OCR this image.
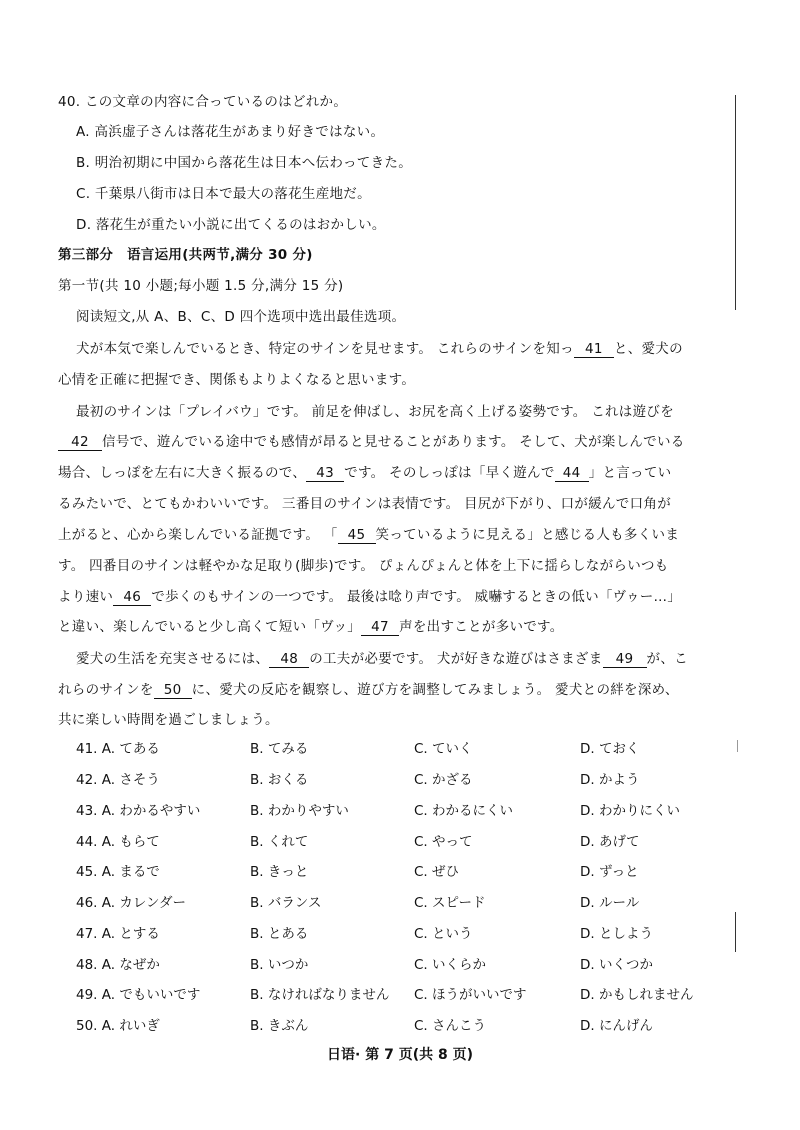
40. この文章の内容に合っているのはどれか。
A. 高浜虚子さんは落花生があまり好きではない。
B. 明治初期に中国から落花生は日本へ伝わってきた。
C. 千葉県八街市は日本で最大の落花生産地だ。
D. 落花生が重たい小説に出てくるのはおかしい。
第三部分　语言运用(共两节,满分 30 分)
第一节(共 10 小题;每小题 1.5 分,满分 15 分)
阅读短文,从 A、B、C、D 四个选项中选出最佳选项。
犬が本気で楽しんでいるとき、特定のサインを見せます。 これらのサインを知っ 41 と、愛犬の
心情を正確に把握でき、関係もよりよくなると思います。
最初のサインは「プレイバウ」です。 前足を伸ばし、お尻を高く上げる姿勢です。 これは遊びを
42 信号で、遊んでいる途中でも感情が昂ると見せることがあります。 そして、犬が楽しんでいる
場合、しっぽを左右に大きく振るので、 43 です。 そのしっぽは「早く遊んで 44 」と言ってい
るみたいで、とてもかわいいです。 三番目のサインは表情です。 目尻が下がり、口が緩んで口角が
上がると、心から楽しんでいる証拠です。 「 45 笑っているように見える」と感じる人も多くいま
す。 四番目のサインは軽やかな足取り(脚歩)です。 ぴょんぴょんと体を上下に揺らしながらいつも
より速い 46 で歩くのもサインの一つです。 最後は唸り声です。 威嚇するときの低い「ヴゥー…」
と違い、楽しんでいると少し高くて短い「ヴッ」 47 声を出すことが多いです。
愛犬の生活を充実させるには、 48 の工夫が必要です。 犬が好きな遊びはさまざま 49 が、こ
れらのサインを 50 に、愛犬の反応を観察し、遊び方を調整してみましょう。 愛犬との絆を深め、
共に楽しい時間を過ごしましょう。
41. A. てある	B. てみる	C. ていく	D. ておく
42. A. さそう	B. おくる	C. かざる	D. かよう
43. A. わかるやすい	B. わかりやすい	C. わかるにくい	D. わかりにくい
44. A. もらて	B. くれて	C. やって	D. あげて
45. A. まるで	B. きっと	C. ぜひ	D. ずっと
46. A. カレンダー	B. バランス	C. スピード	D. ルール
47. A. とする	B. とある	C. という	D. としよう
48. A. なぜか	B. いつか	C. いくらか	D. いくつか
49. A. でもいいです	B. なければなりません C. ほうがいいです	D. かもしれません
50. A. れいぎ	B. きぶん	C. さんこう	D. にんげん
日语· 第 7 页(共 8 页)
